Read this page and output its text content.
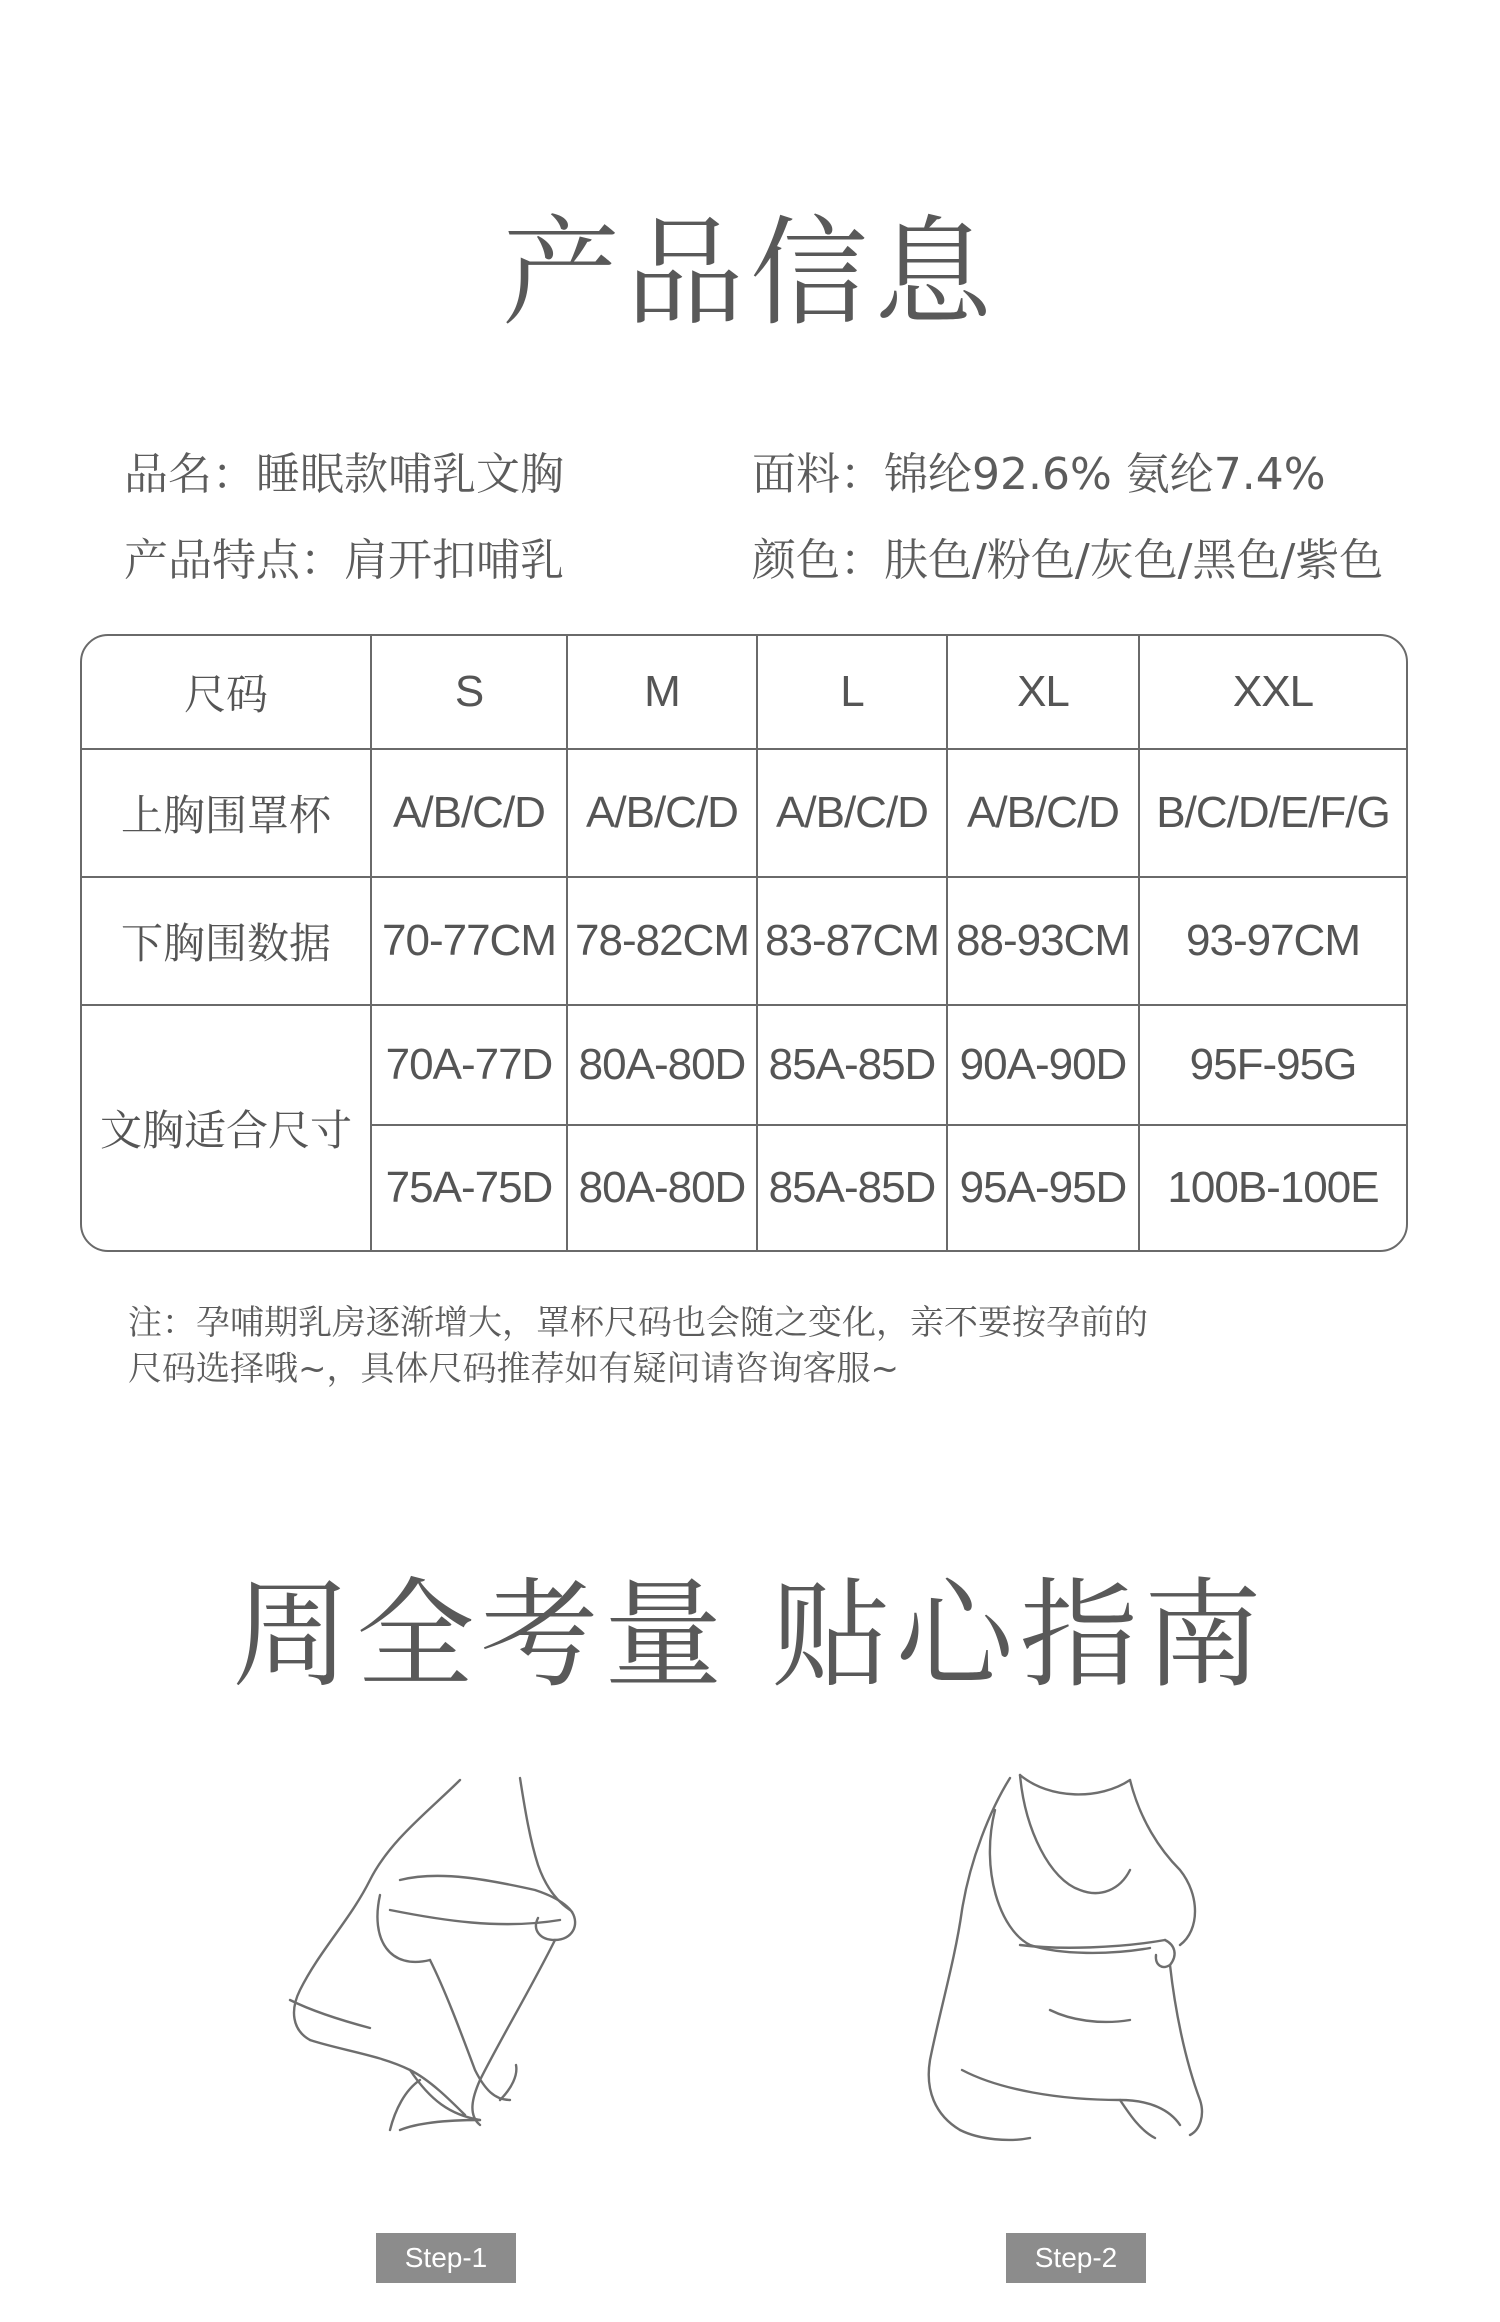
产品信息
品名：睡眠款哺乳文胸	面料：锦纶92.6% 氨纶7.4%
产品特点：肩开扣哺乳	颜色：肤色/粉色/灰色/黑色/紫色
尺码	S	M	L	XL	XXL
上胸围罩杯	A/B/C/D	A/B/C/D	A/B/C/D	A/B/C/D	B/C/D/E/F/G
下胸围数据	70-77CM	78-82CM	83-87CM	88-93CM	93-97CM
文胸适合尺寸	70A-77D	80A-80D	85A-85D	90A-90D	95F-95G
	75A-75D	80A-80D	85A-85D	95A-95D	100B-100E
注：孕哺期乳房逐渐增大，罩杯尺码也会随之变化，亲不要按孕前的
尺码选择哦~，具体尺码推荐如有疑问请咨询客服~
周全考量 贴心指南
Step-1	Step-2
